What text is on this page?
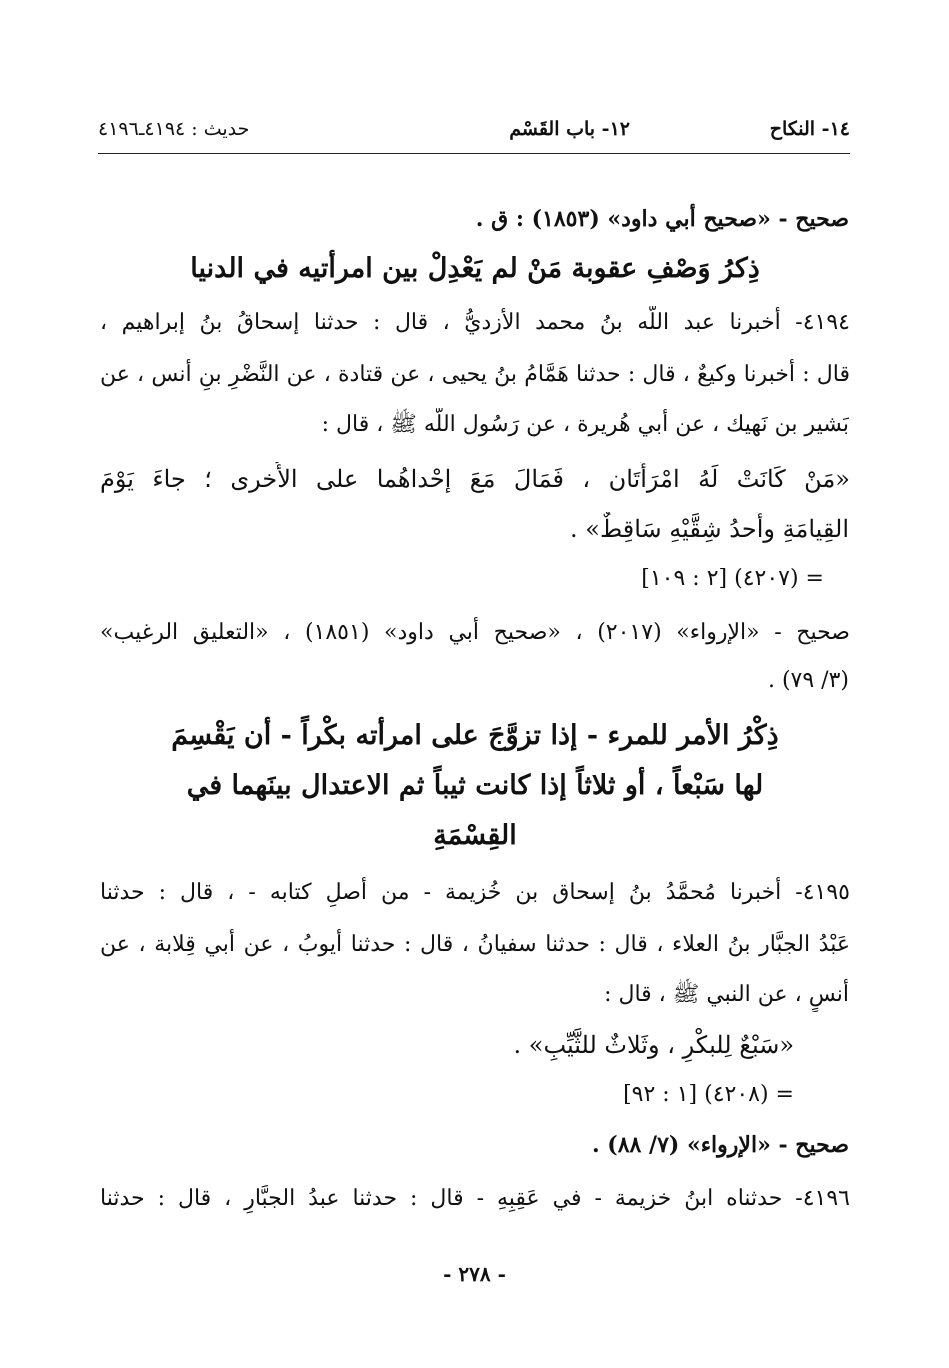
١٤- النكاح
١٢- باب القَسْم
حديث : ٤١٩٤ـ٤١٩٦
صحيح - «صحيح أبي داود» (١٨٥٣) : ق .
ذِكرُ وَصْفِ عقوبة مَنْ لم يَعْدِلْ بين امرأتيه في الدنيا
٤١٩٤- أخبرنا عبد اللَّه بنُ محمد الأزديُّ ، قال : حدثنا إسحاقُ بنُ إبراهيم ،
قال : أخبرنا وكيعٌ ، قال : حدثنا هَمَّامُ بنُ يحيى ، عن قتادة ، عن النَّضْرِ بنِ أنس ، عن
بَشير بن نَهيك ، عن أبي هُريرة ، عن رَسُول اللَّه ﷺ ، قال :
«مَنْ كَانَتْ لَهُ امْرَأَتَان ، فَمَالَ مَعَ إحْداهُما على الأُخرى ؛ جاءَ يَوْمَ
القِيامَةِ وأَحدُ شِقَّيْهِ سَاقِطٌ» .
= (٤٢٠٧) [٢ : ١٠٩]
صحيح - «الإرواء» (٢٠١٧) ، «صحيح أبي داود» (١٨٥١) ، «التعليق الرغيب»
(٣/ ٧٩) .
ذِكْرُ الأمر للمرء - إذا تزوَّجَ على امرأته بكْراً - أن يَقْسِمَ
لها سَبْعاً ، أو ثلاثاً إذا كانت ثيباً ثم الاعتدال بينَهما في
القِسْمَةِ
٤١٩٥- أخبرنا مُحمَّدُ بنُ إسحاق بن خُزيمة - من أصلِ كتابه - ، قال : حدثنا
عَبْدُ الجبَّار بنُ العلاء ، قال : حدثنا سفيانُ ، قال : حدثنا أيوبُ ، عن أبي قِلابة ، عن
أنسٍ ، عن النبي ﷺ ، قال :
«سَبْعٌ لِلبكْرِ ، وثَلاثٌ للثَّيِّبِ» .
= (٤٢٠٨) [١ : ٩٢]
صحيح - «الإرواء» (٧/ ٨٨) .
٤١٩٦- حدثناه ابنُ خزيمة - في عَقِبِهِ - قال : حدثنا عبدُ الجبَّارِ ، قال : حدثنا
- ٢٧٨ -
